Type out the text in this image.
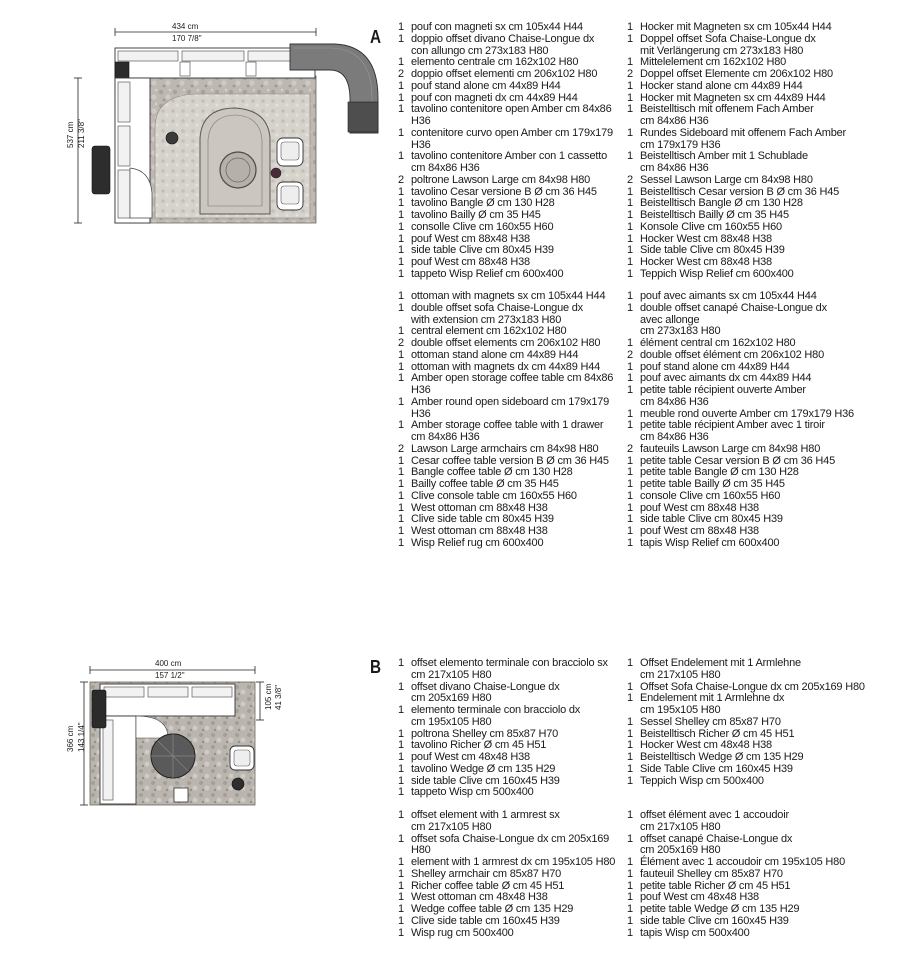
A
434 cm
170 7/8"
537 cm 211 3/8"
1 pouf con magneti sx cm 105x44 H44
1 doppio offset divano Chaise-Longue dx
con allungo cm 273x183 H80
1 elemento centrale cm 162x102 H80
2 doppio offset elementi cm 206x102 H80
1 pouf stand alone cm 44x89 H44
1 pouf con magneti dx cm 44x89 H44
1 tavolino contenitore open Amber cm 84x86 H36
1 contenitore curvo open Amber cm 179x179 H36
1 tavolino contenitore Amber con 1 cassetto
cm 84x86 H36
2 poltrone Lawson Large cm 84x98 H80
1 tavolino Cesar versione B Ø cm 36 H45
1 tavolino Bangle Ø cm 130 H28
1 tavolino Bailly Ø cm 35 H45
1 consolle Clive cm 160x55 H60
1 pouf West cm 88x48 H38
1 side table Clive cm 80x45 H39
1 pouf West cm 88x48 H38
1 tappeto Wisp Relief cm 600x400
1 Hocker mit Magneten sx cm 105x44 H44
1 Doppel offset Sofa Chaise-Longue dx
mit Verlängerung cm 273x183 H80
1 Mittelelement cm 162x102 H80
2 Doppel offset Elemente cm 206x102 H80
1 Hocker stand alone cm 44x89 H44
1 Hocker mit Magneten sx cm 44x89 H44
1 Beistelltisch mit offenem Fach Amber
cm 84x86 H36
1 Rundes Sideboard mit offenem Fach Amber
cm 179x179 H36
1 Beistelltisch Amber mit 1 Schublade
cm 84x86 H36
2 Sessel Lawson Large cm 84x98 H80
1 Beistelltisch Cesar version B Ø cm 36 H45
1 Beistelltisch Bangle Ø cm 130 H28
1 Beistelltisch Bailly Ø cm 35 H45
1 Konsole Clive cm 160x55 H60
1 Hocker West cm 88x48 H38
1 Side table Clive cm 80x45 H39
1 Hocker West cm 88x48 H38
1 Teppich Wisp Relief cm 600x400
1 ottoman with magnets sx cm 105x44 H44
1 double offset sofa Chaise-Longue dx
with extension cm 273x183 H80
1 central element cm 162x102 H80
2 double offset elements cm 206x102 H80
1 ottoman stand alone cm 44x89 H44
1 ottoman with magnets dx cm 44x89 H44
1 Amber open storage coffee table cm 84x86 H36
1 Amber round open sideboard cm 179x179 H36
1 Amber storage coffee table with 1 drawer
cm 84x86 H36
2 Lawson Large armchairs cm 84x98 H80
1 Cesar coffee table version B Ø cm 36 H45
1 Bangle coffee table Ø cm 130 H28
1 Bailly coffee table Ø cm 35 H45
1 Clive console table cm 160x55 H60
1 West ottoman cm 88x48 H38
1 Clive side table cm 80x45 H39
1 West ottoman cm 88x48 H38
1 Wisp Relief rug cm 600x400
1 pouf avec aimants sx cm 105x44 H44
1 double offset canapé Chaise-Longue dx
avec allonge
cm 273x183 H80
1 élément central cm 162x102 H80
2 double offset élément cm 206x102 H80
1 pouf stand alone cm 44x89 H44
1 pouf avec aimants dx cm 44x89 H44
1 petite table récipient ouverte Amber
cm 84x86 H36
1 meuble rond ouverte Amber cm 179x179 H36
1 petite table récipient Amber avec 1 tiroir
cm 84x86 H36
2 fauteuils Lawson Large cm 84x98 H80
1 petite table Cesar version B Ø cm 36 H45
1 petite table Bangle Ø cm 130 H28
1 petite table Bailly Ø cm 35 H45
1 console Clive cm 160x55 H60
1 pouf West cm 88x48 H38
1 side table Clive cm 80x45 H39
1 pouf West cm 88x48 H38
1 tapis Wisp Relief cm 600x400
B
400 cm
157 1/2"
366 cm 143 1/4"
105 cm 41 3/8"
1 offset elemento terminale con bracciolo sx
cm 217x105 H80
1 offset divano Chaise-Longue dx
cm 205x169 H80
1 elemento terminale con bracciolo dx
cm 195x105 H80
1 poltrona Shelley cm 85x87 H70
1 tavolino Richer Ø cm 45 H51
1 pouf West cm 48x48 H38
1 tavolino Wedge Ø cm 135 H29
1 side table Clive cm 160x45 H39
1 tappeto Wisp cm 500x400
1 Offset Endelement mit 1 Armlehne
cm 217x105 H80
1 Offset Sofa Chaise-Longue dx cm 205x169 H80
1 Endelement mit 1 Armlehne dx
cm 195x105 H80
1 Sessel Shelley cm 85x87 H70
1 Beistelltisch Richer Ø cm 45 H51
1 Hocker West cm 48x48 H38
1 Beistelltisch Wedge Ø cm 135 H29
1 Side Table Clive cm 160x45 H39
1 Teppich Wisp cm 500x400
1 offset element with 1 armrest sx
cm 217x105 H80
1 offset sofa Chaise-Longue dx cm 205x169 H80
1 element with 1 armrest dx cm 195x105 H80
1 Shelley armchair cm 85x87 H70
1 Richer coffee table Ø cm 45 H51
1 West ottoman cm 48x48 H38
1 Wedge coffee table Ø cm 135 H29
1 Clive side table cm 160x45 H39
1 Wisp rug cm 500x400
1 offset élément avec 1 accoudoir
cm 217x105 H80
1 offset canapé Chaise-Longue dx
cm 205x169 H80
1 Élément avec 1 accoudoir cm 195x105 H80
1 fauteuil Shelley cm 85x87 H70
1 petite table Richer Ø cm 45 H51
1 pouf West cm 48x48 H38
1 petite table Wedge Ø cm 135 H29
1 side table Clive cm 160x45 H39
1 tapis Wisp cm 500x400
